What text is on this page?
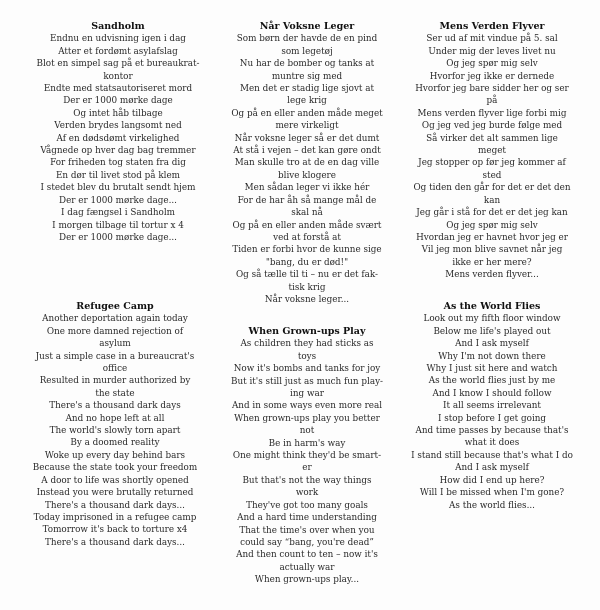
Sandholm
Endnu en udvisning igen i dag
Atter et fordømt asylafslag
Blot en simpel sag på et bureaukrat-
kontor
Endte med statsautoriseret mord
Der er 1000 mørke dage
Og intet håb tilbage
Verden brydes langsomt ned
Af en dødsdømt virkelighed
Vågnede op hver dag bag tremmer
For friheden tog staten fra dig
En dør til livet stod på klem
I stedet blev du brutalt sendt hjem
Der er 1000 mørke dage...
I dag fængsel i Sandholm
I morgen tilbage til tortur x 4
Der er 1000 mørke dage...
Når Voksne Leger
Som børn der havde de en pind
som legetøj
Nu har de bomber og tanks at
muntre sig med
Men det er stadig lige sjovt at
lege krig
Og på en eller anden måde meget
mere virkeligt
Når voksne leger så er det dumt
At stå i vejen – det kan gøre ondt
Man skulle tro at de en dag ville
blive klogere
Men sådan leger vi ikke hér
For de har åh så mange mål de
skal nå
Og på en eller anden måde svært
ved at forstå at
Tiden er forbi hvor de kunne sige
"bang, du er død!"
Og så tælle til ti – nu er det fak-
tisk krig
Når voksne leger...
Mens Verden Flyver
Ser ud af mit vindue på 5. sal
Under mig der leves livet nu
Og jeg spør mig selv
Hvorfor jeg ikke er dernede
Hvorfor jeg bare sidder her og ser
på
Mens verden flyver lige forbi mig
Og jeg ved jeg burde følge med
Så virker det alt sammen lige
meget
Jeg stopper op før jeg kommer af
sted
Og tiden den går for det er det den
kan
Jeg går i stå for det er det jeg kan
Og jeg spør mig selv
Hvordan jeg er havnet hvor jeg er
Vil jeg mon blive savnet når jeg
ikke er her mere?
Mens verden flyver...
Refugee Camp
Another deportation again today
One more damned rejection of
asylum
Just a simple case in a bureaucrat's
office
Resulted in murder authorized by
the state
There's a thousand dark days
And no hope left at all
The world's slowly torn apart
By a doomed reality
Woke up every day behind bars
Because the state took your freedom
A door to life was shortly opened
Instead you were brutally returned
There's a thousand dark days...
Today imprisoned in a refugee camp
Tomorrow it's back to torture x4
There's a thousand dark days...
When Grown-ups Play
As children they had sticks as
toys
Now it's bombs and tanks for joy
But it's still just as much fun play-
ing war
And in some ways even more real
When grown-ups play you better
not
Be in harm's way
One might think they'd be smart-
er
But that's not the way things
work
They've got too many goals
And a hard time understanding
That the time's over when you
could say “bang, you're dead”
And then count to ten – now it's
actually war
When grown-ups play...
As the World Flies
Look out my fifth floor window
Below me life's played out
And I ask myself
Why I'm not down there
Why I just sit here and watch
As the world flies just by me
And I know I should follow
It all seems irrelevant
I stop before I get going
And time passes by because that's
what it does
I stand still because that's what I do
And I ask myself
How did I end up here?
Will I be missed when I'm gone?
As the world flies...
